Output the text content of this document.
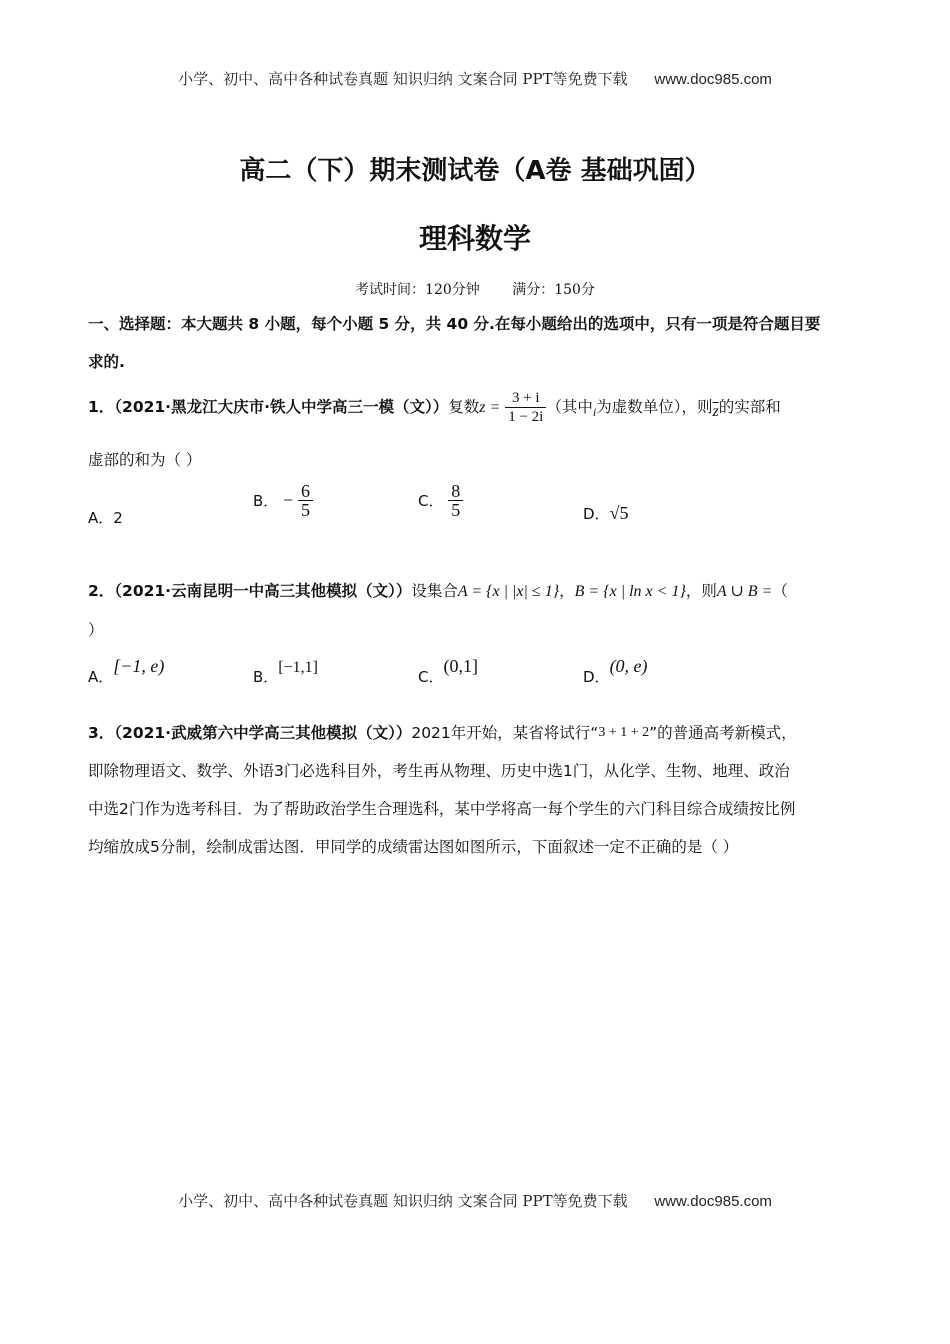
小学、初中、高中各种试卷真题 知识归纳 文案合同 PPT等免费下载 www.doc985.com
高二（下）期末测试卷（A卷 基础巩固）
理科数学
考试时间：120分钟 满分：150分
一、选择题：本大题共 8 小题，每个小题 5 分，共 40 分.在每小题给出的选项中，只有一项是符合题目要
求的.
1．（2021·黑龙江大庆市·铁人中学高三一模（文））复数$z = \frac{3 + i}{1 - 2i}$ （其中$_i$为虚数单位），则$\overline{z}$的实部和
虚部的和为（ ）
A．2
B． − $\frac{6}{5}$	C． $\frac{8}{5}$	D．√5
2．（2021·云南昆明一中高三其他模拟（文））设集合A = {x | |x| ≤ 1}，B = {x | ln x < 1}，则A ∪ B =（
）
A．[−1, e)
B．[−1,1]
C．(0,1]
D．(0, e)
3．（2021·武威第六中学高三其他模拟（文））2021年开始，某省将试行“3 + 1 + 2”的普通高考新模式，
即除物理语文、数学、外语3门必选科目外，考生再从物理、历史中选1门，从化学、生物、地理、政治
中选2门作为选考科目．为了帮助政治学生合理选科，某中学将高一每个学生的六门科目综合成绩按比例
均缩放成5分制，绘制成雷达图．甲同学的成绩雷达图如图所示，下面叙述一定不正确的是（ ）
小学、初中、高中各种试卷真题 知识归纳 文案合同 PPT等免费下载 www.doc985.com
